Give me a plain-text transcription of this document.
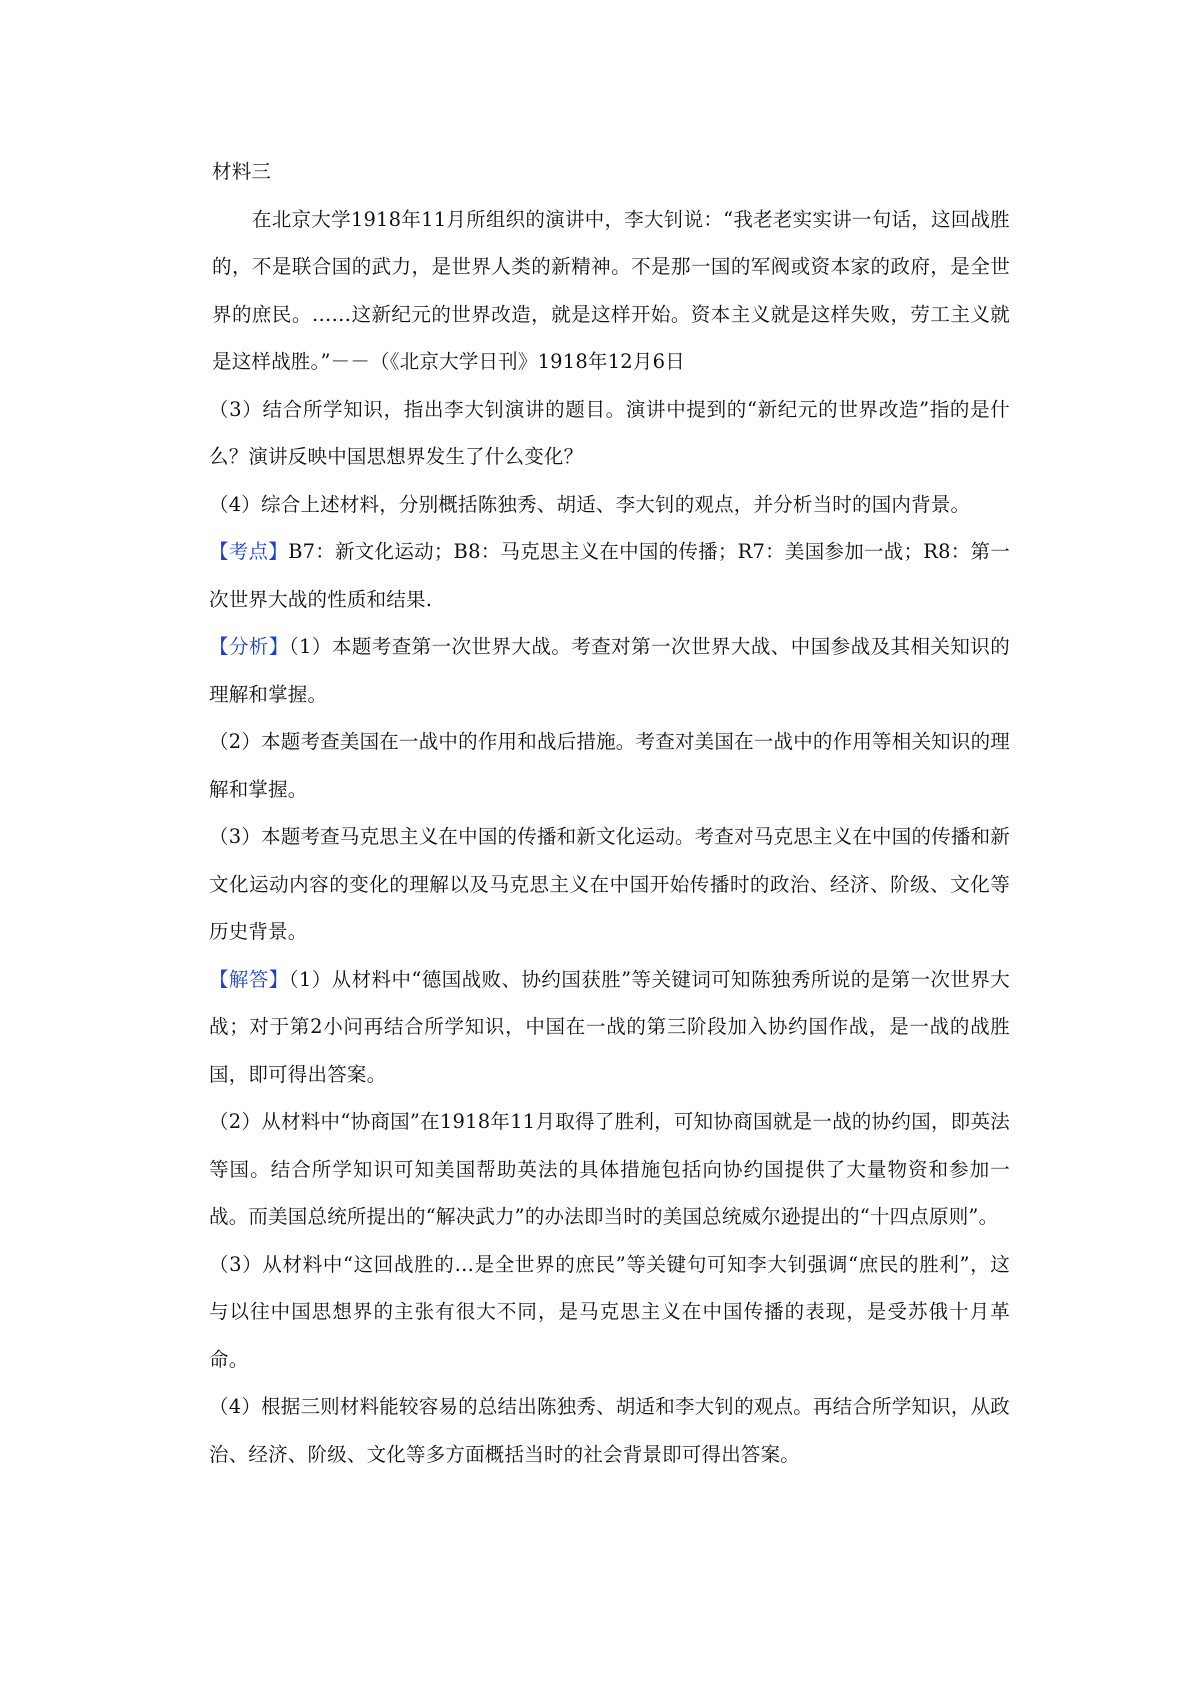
材料三

在北京大学1918年11月所组织的演讲中，李大钊说：“我老老实实讲一句话，这回战胜的，不是联合国的武力，是世界人类的新精神。不是那一国的军阀或资本家的政府，是全世界的庶民。……这新纪元的世界改造，就是这样开始。资本主义就是这样失败，劳工主义就是这样战胜。”－－（《北京大学日刊》1918年12月6日

（3）结合所学知识，指出李大钊演讲的题目。演讲中提到的“新纪元的世界改造”指的是什么？演讲反映中国思想界发生了什么变化？

（4）综合上述材料，分别概括陈独秀、胡适、李大钊的观点，并分析当时的国内背景。

【考点】B7：新文化运动；B8：马克思主义在中国的传播；R7：美国参加一战；R8：第一次世界大战的性质和结果.

【分析】（1）本题考查第一次世界大战。考查对第一次世界大战、中国参战及其相关知识的理解和掌握。

（2）本题考查美国在一战中的作用和战后措施。考查对美国在一战中的作用等相关知识的理解和掌握。

（3）本题考查马克思主义在中国的传播和新文化运动。考查对马克思主义在中国的传播和新文化运动内容的变化的理解以及马克思主义在中国开始传播时的政治、经济、阶级、文化等历史背景。

【解答】（1）从材料中“德国战败、协约国获胜”等关键词可知陈独秀所说的是第一次世界大战；对于第2小问再结合所学知识，中国在一战的第三阶段加入协约国作战，是一战的战胜国，即可得出答案。

（2）从材料中“协商国”在1918年11月取得了胜利，可知协商国就是一战的协约国，即英法等国。结合所学知识可知美国帮助英法的具体措施包括向协约国提供了大量物资和参加一战。而美国总统所提出的“解决武力”的办法即当时的美国总统威尔逊提出的“十四点原则”。

（3）从材料中“这回战胜的…是全世界的庶民”等关键句可知李大钊强调“庶民的胜利”，这与以往中国思想界的主张有很大不同，是马克思主义在中国传播的表现，是受苏俄十月革命。

（4）根据三则材料能较容易的总结出陈独秀、胡适和李大钊的观点。再结合所学知识，从政治、经济、阶级、文化等多方面概括当时的社会背景即可得出答案。
